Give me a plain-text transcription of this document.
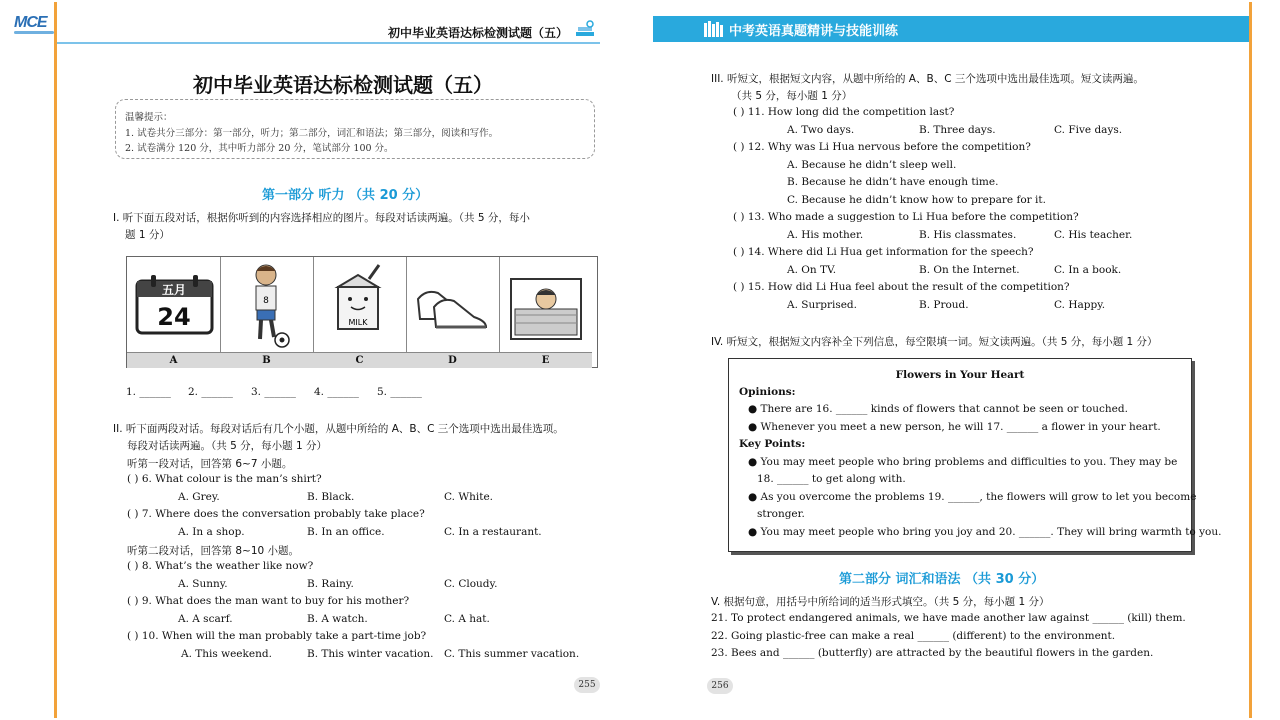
MCE
初中毕业英语达标检测试题（五）
初中毕业英语达标检测试题（五）
温馨提示：
1. 试卷共分三部分：第一部分，听力；第二部分，词汇和语法；第三部分，阅读和写作。
2. 试卷满分 120 分，其中听力部分 20 分，笔试部分 100 分。
第一部分 听力 （共 20 分）
I. 听下面五段对话，根据你听到的内容选择相应的图片。每段对话读两遍。（共 5 分，每小
题 1 分）
五月
24
8
MILK
A	B	C	D	E
1. ______ 2. ______ 3. ______ 4. ______ 5. ______
II. 听下面两段对话。每段对话后有几个小题，从题中所给的 A、B、C 三个选项中选出最佳选项。
每段对话读两遍。（共 5 分，每小题 1 分）
听第一段对话，回答第 6~7 小题。
( ) 6. What colour is the man’s shirt?
A. Grey.	B. Black.	C. White.
( ) 7. Where does the conversation probably take place?
A. In a shop.	B. In an office.	C. In a restaurant.
听第二段对话，回答第 8~10 小题。
( ) 8. What’s the weather like now?
A. Sunny.	B. Rainy.	C. Cloudy.
( ) 9. What does the man want to buy for his mother?
A. A scarf.	B. A watch.	C. A hat.
( ) 10. When will the man probably take a part-time job?
A. This weekend.	B. This winter vacation. C. This summer vacation.
255
中考英语真题精讲与技能训练
III. 听短文，根据短文内容，从题中所给的 A、B、C 三个选项中选出最佳选项。短文读两遍。
（共 5 分，每小题 1 分）
( ) 11. How long did the competition last?
A. Two days.	B. Three days.	C. Five days.
( ) 12. Why was Li Hua nervous before the competition?
A. Because he didn’t sleep well.
B. Because he didn’t have enough time.
C. Because he didn’t know how to prepare for it.
( ) 13. Who made a suggestion to Li Hua before the competition?
A. His mother.	B. His classmates.	C. His teacher.
( ) 14. Where did Li Hua get information for the speech?
A. On TV.	B. On the Internet.	C. In a book.
( ) 15. How did Li Hua feel about the result of the competition?
A. Surprised.	B. Proud.	C. Happy.
IV. 听短文，根据短文内容补全下列信息，每空限填一词。短文读两遍。（共 5 分，每小题 1 分）
Flowers in Your Heart
Opinions:
● There are 16. ______ kinds of flowers that cannot be seen or touched.
● Whenever you meet a new person, he will 17. ______ a flower in your heart.
Key Points:
● You may meet people who bring problems and difficulties to you. They may be
18. ______ to get along with.
● As you overcome the problems 19. ______, the flowers will grow to let you become
stronger.
● You may meet people who bring you joy and 20. ______. They will bring warmth to you.
第二部分 词汇和语法 （共 30 分）
V. 根据句意，用括号中所给词的适当形式填空。（共 5 分，每小题 1 分）
21. To protect endangered animals, we have made another law against ______ (kill) them.
22. Going plastic-free can make a real ______ (different) to the environment.
23. Bees and ______ (butterfly) are attracted by the beautiful flowers in the garden.
256
